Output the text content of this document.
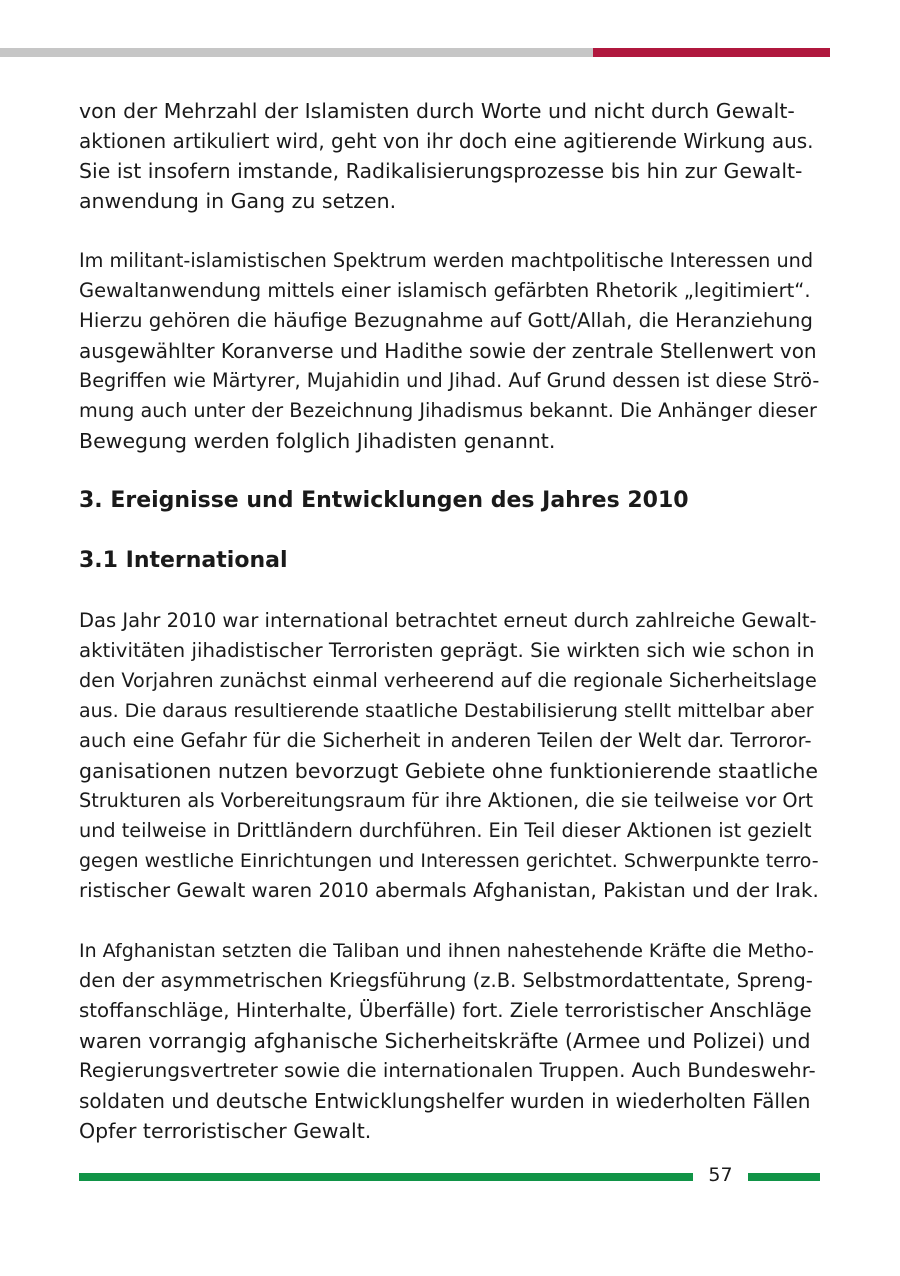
von der Mehrzahl der Islamisten durch Worte und nicht durch Gewalt-
aktionen artikuliert wird, geht von ihr doch eine agitierende Wirkung aus.
Sie ist insofern imstande, Radikalisierungsprozesse bis hin zur Gewalt-
anwendung in Gang zu setzen.
Im militant-islamistischen Spektrum werden machtpolitische Interessen und
Gewaltanwendung mittels einer islamisch gefärbten Rhetorik „legitimiert“.
Hierzu gehören die häufige Bezugnahme auf Gott/Allah, die Heranziehung
ausgewählter Koranverse und Hadithe sowie der zentrale Stellenwert von
Begriffen wie Märtyrer, Mujahidin und Jihad. Auf Grund dessen ist diese Strö-
mung auch unter der Bezeichnung Jihadismus bekannt. Die Anhänger dieser
Bewegung werden folglich Jihadisten genannt.
3. Ereignisse und Entwicklungen des Jahres 2010
3.1 International
Das Jahr 2010 war international betrachtet erneut durch zahlreiche Gewalt-
aktivitäten jihadistischer Terroristen geprägt. Sie wirkten sich wie schon in
den Vorjahren zunächst einmal verheerend auf die regionale Sicherheitslage
aus. Die daraus resultierende staatliche Destabilisierung stellt mittelbar aber
auch eine Gefahr für die Sicherheit in anderen Teilen der Welt dar. Terroror-
ganisationen nutzen bevorzugt Gebiete ohne funktionierende staatliche
Strukturen als Vorbereitungsraum für ihre Aktionen, die sie teilweise vor Ort
und teilweise in Drittländern durchführen. Ein Teil dieser Aktionen ist gezielt
gegen westliche Einrichtungen und Interessen gerichtet. Schwerpunkte terro-
ristischer Gewalt waren 2010 abermals Afghanistan, Pakistan und der Irak.
In Afghanistan setzten die Taliban und ihnen nahestehende Kräfte die Metho-
den der asymmetrischen Kriegsführung (z.B. Selbstmordattentate, Spreng-
stoffanschläge, Hinterhalte, Überfälle) fort. Ziele terroristischer Anschläge
waren vorrangig afghanische Sicherheitskräfte (Armee und Polizei) und
Regierungsvertreter sowie die internationalen Truppen. Auch Bundeswehr-
soldaten und deutsche Entwicklungshelfer wurden in wiederholten Fällen
Opfer terroristischer Gewalt.
57
